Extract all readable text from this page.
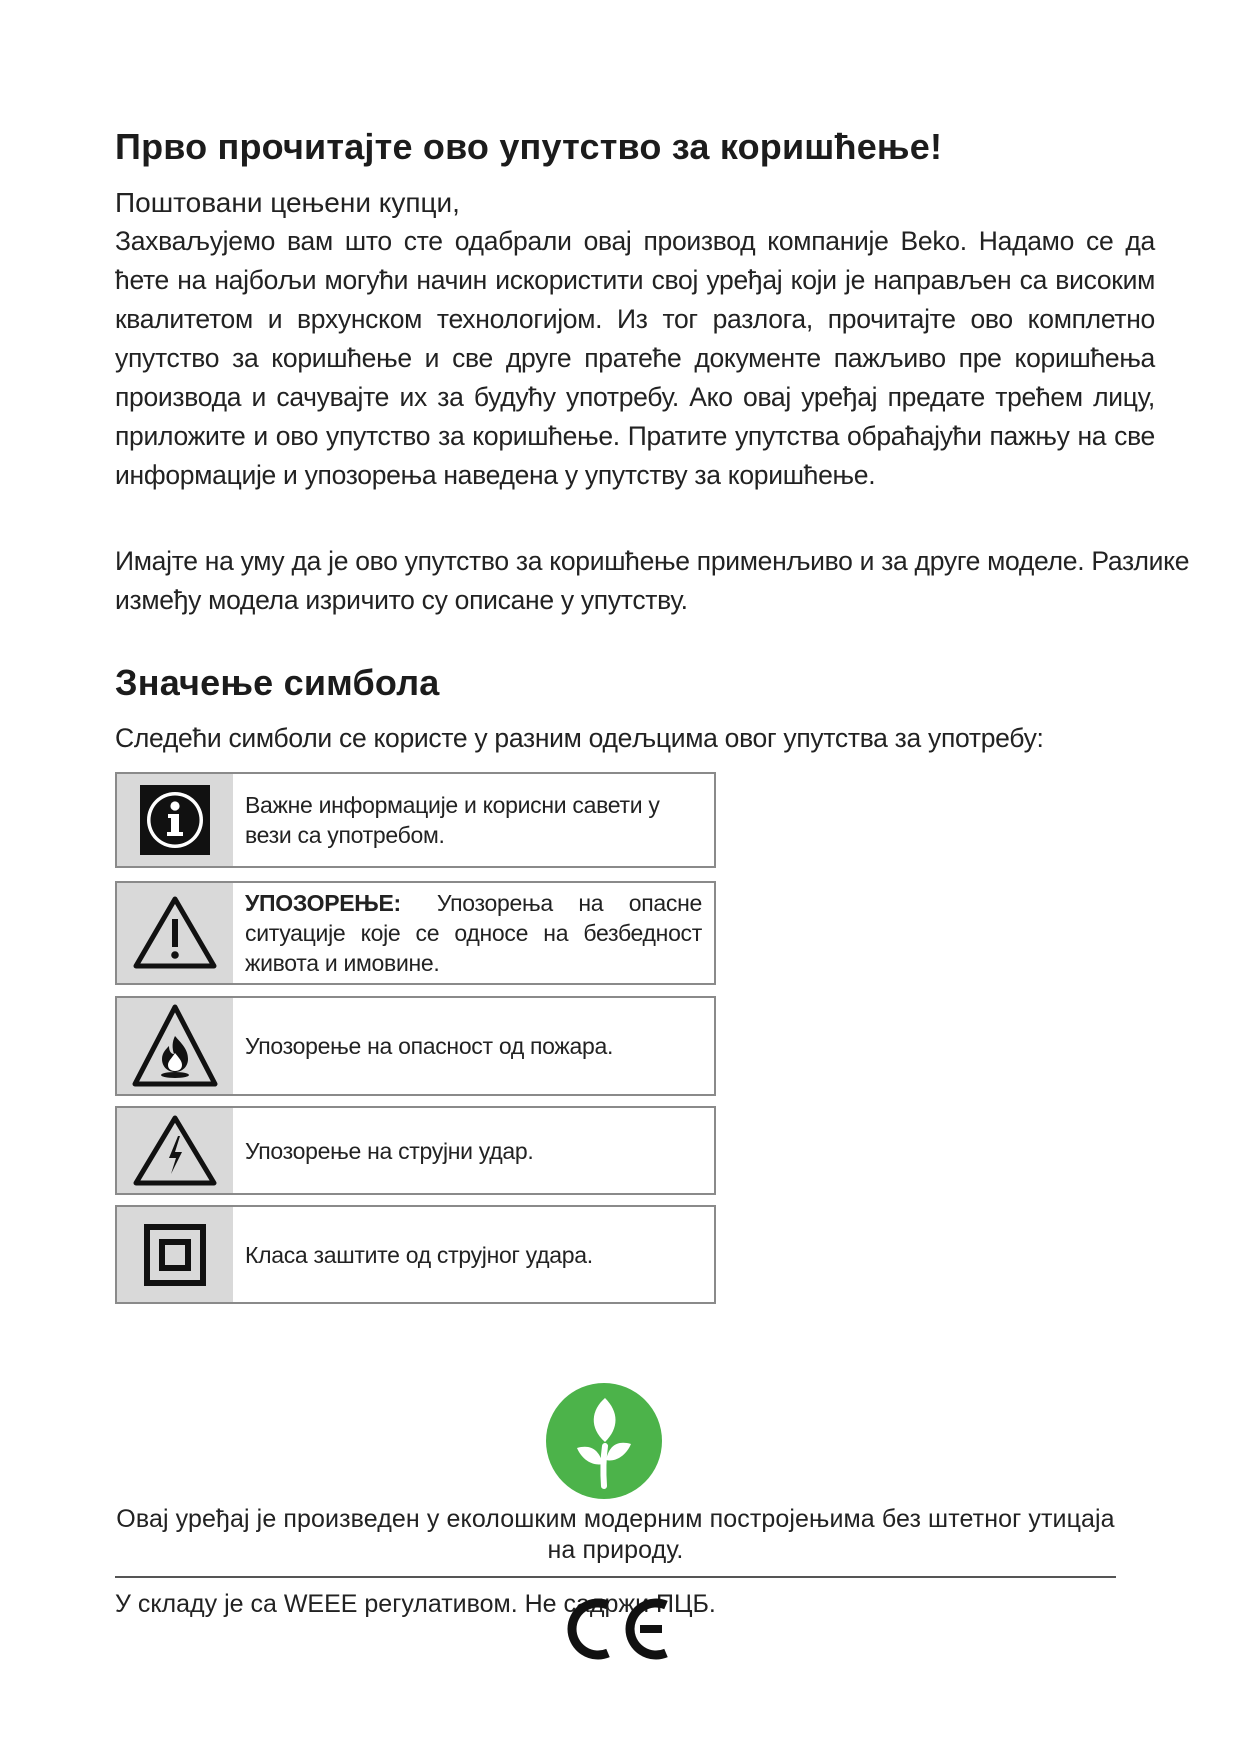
Прво прочитајте ово упутство за коришћење!

Поштовани цењени купци,

Захваљујемо вам што сте одабрали овај производ компаније Beko. Надамо се да ћете на најбољи могући начин искористити свој уређај који је направљен са високим квалитетом и врхунском технологијом. Из тог разлога, прочитајте ово комплетно упутство за коришћење и све друге пратеће документе пажљиво пре коришћења производа и сачувајте их за будућу употребу. Ако овај уређај предате трећем лицу, приложите и ово упутство за коришћење. Пратите упутства обраћајући пажњу на све информације и упозорења наведена у упутству за коришћење.

Имајте на уму да је ово упутство за коришћење применљиво и за друге моделе. Разлике између модела изричито су описане у упутству.

Значење симбола

Следећи симболи се користе у разним одељцима овог упутства за употребу:

Важне информације и корисни савети у вези са употребом.
УПОЗОРЕЊЕ: Упозорења на опасне ситуације које се односе на безбедност живота и имовине.
Упозорење на опасност од пожара.
Упозорење на струјни удар.
Класа заштите од струјног удара.

Овај уређај је произведен у еколошким модерним постројењима без штетног утицаја на природу.

У складу је са WEEE регулативом. Не садржи ПЦБ.
